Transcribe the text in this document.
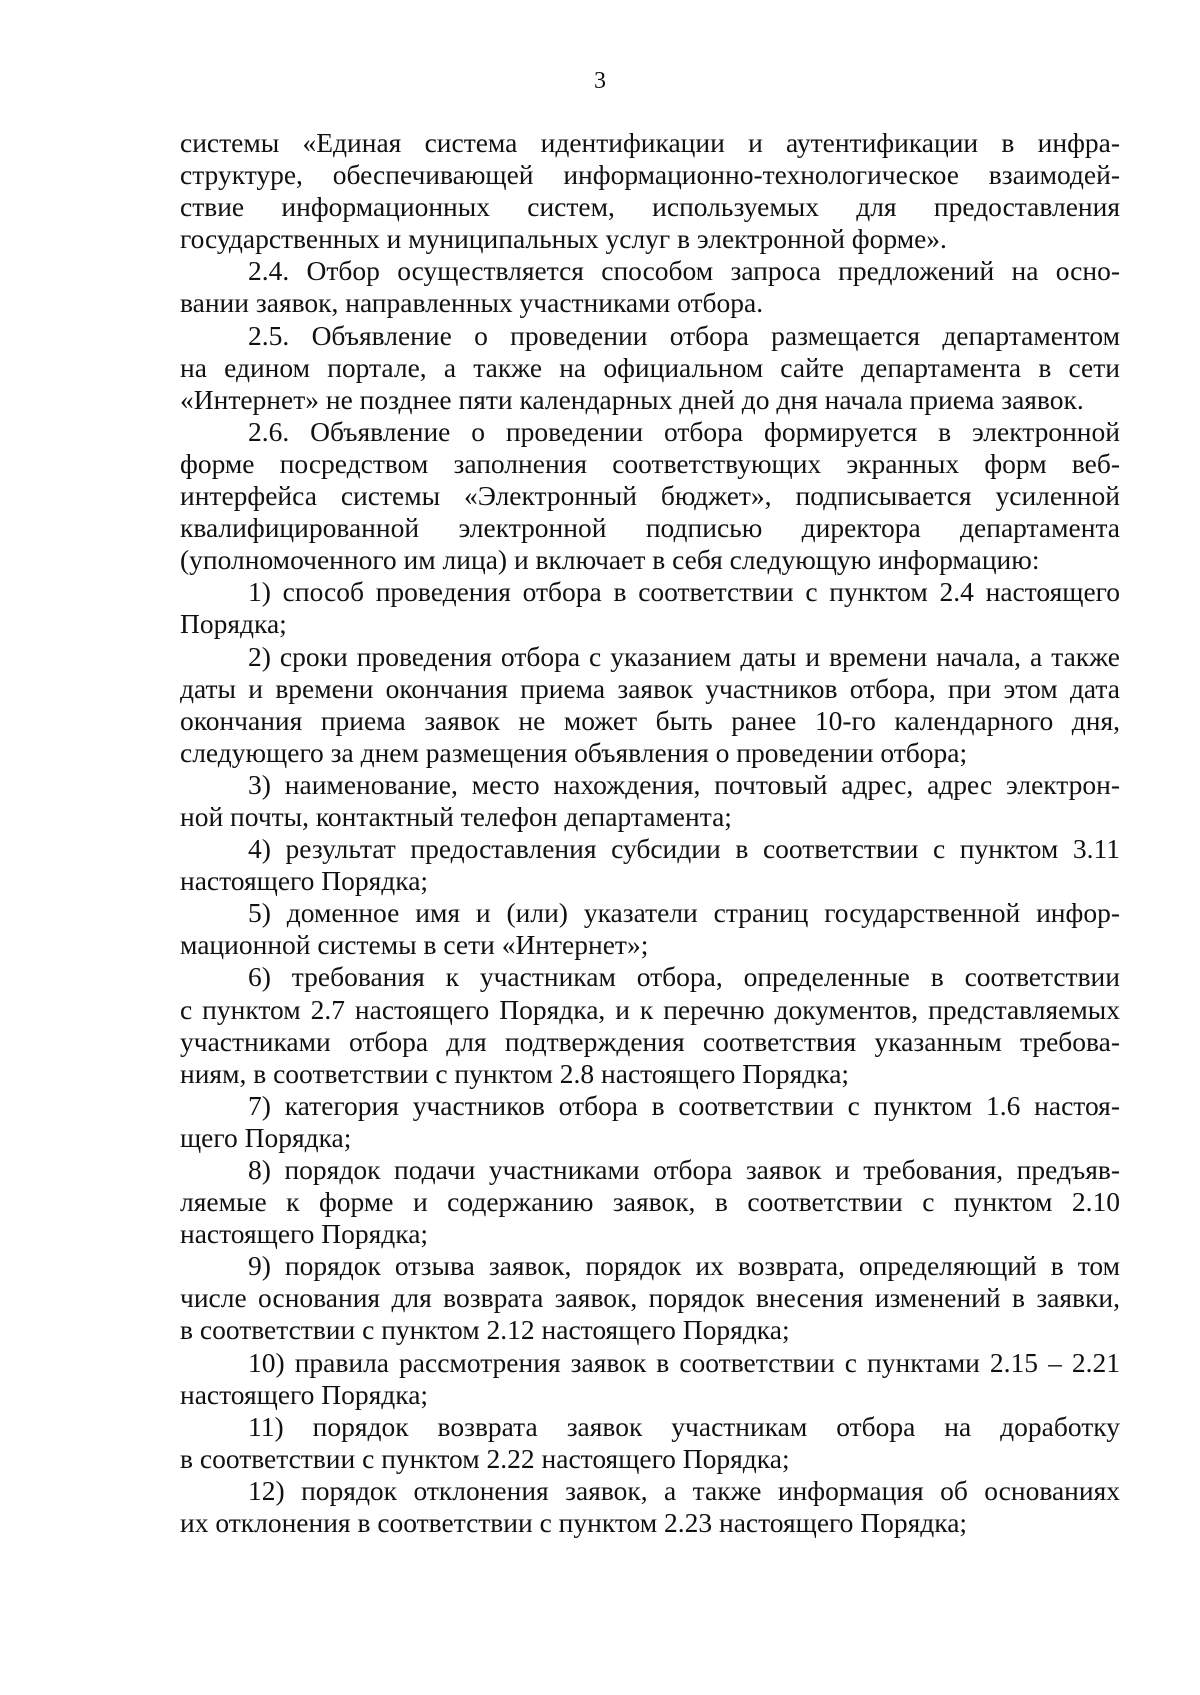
3
системы «Единая система идентификации и аутентификации в инфра-
структуре, обеспечивающей информационно-технологическое взаимодей-
ствие информационных систем, используемых для предоставления
государственных и муниципальных услуг в электронной форме».
2.4. Отбор осуществляется способом запроса предложений на осно-
вании заявок, направленных участниками отбора.
2.5. Объявление о проведении отбора размещается департаментом
на едином портале, а также на официальном сайте департамента в сети
«Интернет» не позднее пяти календарных дней до дня начала приема заявок.
2.6. Объявление о проведении отбора формируется в электронной
форме посредством заполнения соответствующих экранных форм веб-
интерфейса системы «Электронный бюджет», подписывается усиленной
квалифицированной электронной подписью директора департамента
(уполномоченного им лица) и включает в себя следующую информацию:
1) способ проведения отбора в соответствии с пунктом 2.4 настоящего
Порядка;
2) сроки проведения отбора с указанием даты и времени начала, а также
даты и времени окончания приема заявок участников отбора, при этом дата
окончания приема заявок не может быть ранее 10-го календарного дня,
следующего за днем размещения объявления о проведении отбора;
3) наименование, место нахождения, почтовый адрес, адрес электрон-
ной почты, контактный телефон департамента;
4) результат предоставления субсидии в соответствии с пунктом 3.11
настоящего Порядка;
5) доменное имя и (или) указатели страниц государственной инфор-
мационной системы в сети «Интернет»;
6) требования к участникам отбора, определенные в соответствии
с пунктом 2.7 настоящего Порядка, и к перечню документов, представляемых
участниками отбора для подтверждения соответствия указанным требова-
ниям, в соответствии с пунктом 2.8 настоящего Порядка;
7) категория участников отбора в соответствии с пунктом 1.6 настоя-
щего Порядка;
8) порядок подачи участниками отбора заявок и требования, предъяв-
ляемые к форме и содержанию заявок, в соответствии с пунктом 2.10
настоящего Порядка;
9) порядок отзыва заявок, порядок их возврата, определяющий в том
числе основания для возврата заявок, порядок внесения изменений в заявки,
в соответствии с пунктом 2.12 настоящего Порядка;
10) правила рассмотрения заявок в соответствии с пунктами 2.15 – 2.21
настоящего Порядка;
11) порядок возврата заявок участникам отбора на доработку
в соответствии с пунктом 2.22 настоящего Порядка;
12) порядок отклонения заявок, а также информация об основаниях
их отклонения в соответствии с пунктом 2.23 настоящего Порядка;
